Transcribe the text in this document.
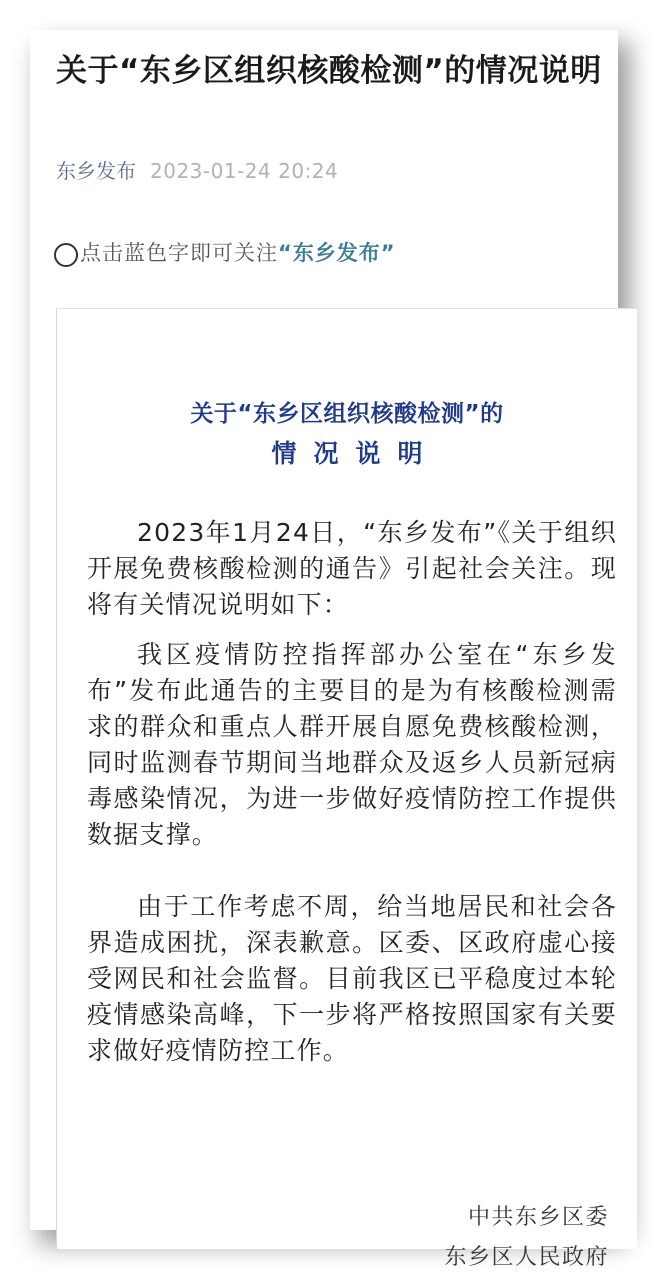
关于“东乡区组织核酸检测”的情况说明
东乡发布 2023-01-24 20:24
点击蓝色字即可关注“东乡发布”

关于“东乡区组织核酸检测”的

情况说明

2023年1月24日，“东乡发布”《关于组织开展免费核酸检测的通告》引起社会关注。现将有关情况说明如下：

我区疫情防控指挥部办公室在“东乡发布”发布此通告的主要目的是为有核酸检测需求的群众和重点人群开展自愿免费核酸检测，同时监测春节期间当地群众及返乡人员新冠病毒感染情况，为进一步做好疫情防控工作提供数据支撑。

由于工作考虑不周，给当地居民和社会各界造成困扰，深表歉意。区委、区政府虚心接受网民和社会监督。目前我区已平稳度过本轮疫情感染高峰，下一步将严格按照国家有关要求做好疫情防控工作。

中共东乡区委

东乡区人民政府
